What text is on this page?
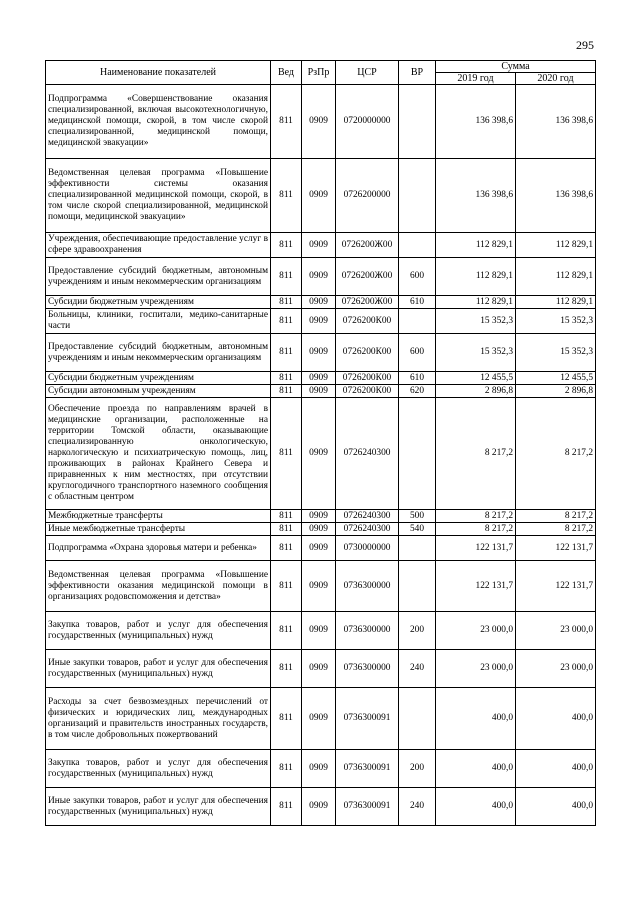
295
Наименование показателей	Вед	РзПр	ЦСР	ВР	Сумма	
					2019 год	2020 год
Подпрограмма «Совершенствование оказания специализированной, включая высокотехнологичную, медицинской помощи, скорой, в том числе скорой специализированной, медицинской помощи, медицинской эвакуации»	811	0909	0720000000		136 398,6	136 398,6
Ведомственная целевая программа «Повышение эффективности системы оказания специализированной медицинской помощи, скорой, в том числе скорой специализированной, медицинской помощи, медицинской эвакуации»	811	0909	0726200000		136 398,6	136 398,6
Учреждения, обеспечивающие предоставление услуг в сфере здравоохранения	811	0909	0726200Ж00		112 829,1	112 829,1
Предоставление субсидий бюджетным, автономным учреждениям и иным некоммерческим организациям	811	0909	0726200Ж00	600	112 829,1	112 829,1
Субсидии бюджетным учреждениям	811	0909	0726200Ж00	610	112 829,1	112 829,1
Больницы, клиники, госпитали, медико-санитарные части	811	0909	0726200К00		15 352,3	15 352,3
Предоставление субсидий бюджетным, автономным учреждениям и иным некоммерческим организациям	811	0909	0726200К00	600	15 352,3	15 352,3
Субсидии бюджетным учреждениям	811	0909	0726200К00	610	12 455,5	12 455,5
Субсидии автономным учреждениям	811	0909	0726200К00	620	2 896,8	2 896,8
Обеспечение проезда по направлениям врачей в медицинские организации, расположенные на территории Томской области, оказывающие специализированную онкологическую, наркологическую и психиатрическую помощь, лиц, проживающих в районах Крайнего Севера и приравненных к ним местностях, при отсутствии круглогодичного транспортного наземного сообщения с областным центром	811	0909	0726240300		8 217,2	8 217,2
Межбюджетные трансферты	811	0909	0726240300	500	8 217,2	8 217,2
Иные межбюджетные трансферты	811	0909	0726240300	540	8 217,2	8 217,2
Подпрограмма «Охрана здоровья матери и ребенка»	811	0909	0730000000		122 131,7	122 131,7
Ведомственная целевая программа «Повышение эффективности оказания медицинской помощи в организациях родовспоможения и детства»	811	0909	0736300000		122 131,7	122 131,7
Закупка товаров, работ и услуг для обеспечения государственных (муниципальных) нужд	811	0909	0736300000	200	23 000,0	23 000,0
Иные закупки товаров, работ и услуг для обеспечения государственных (муниципальных) нужд	811	0909	0736300000	240	23 000,0	23 000,0
Расходы за счет безвозмездных перечислений от физических и юридических лиц, международных организаций и правительств иностранных государств, в том числе добровольных пожертвований	811	0909	0736300091		400,0	400,0
Закупка товаров, работ и услуг для обеспечения государственных (муниципальных) нужд	811	0909	0736300091	200	400,0	400,0
Иные закупки товаров, работ и услуг для обеспечения государственных (муниципальных) нужд	811	0909	0736300091	240	400,0	400,0
